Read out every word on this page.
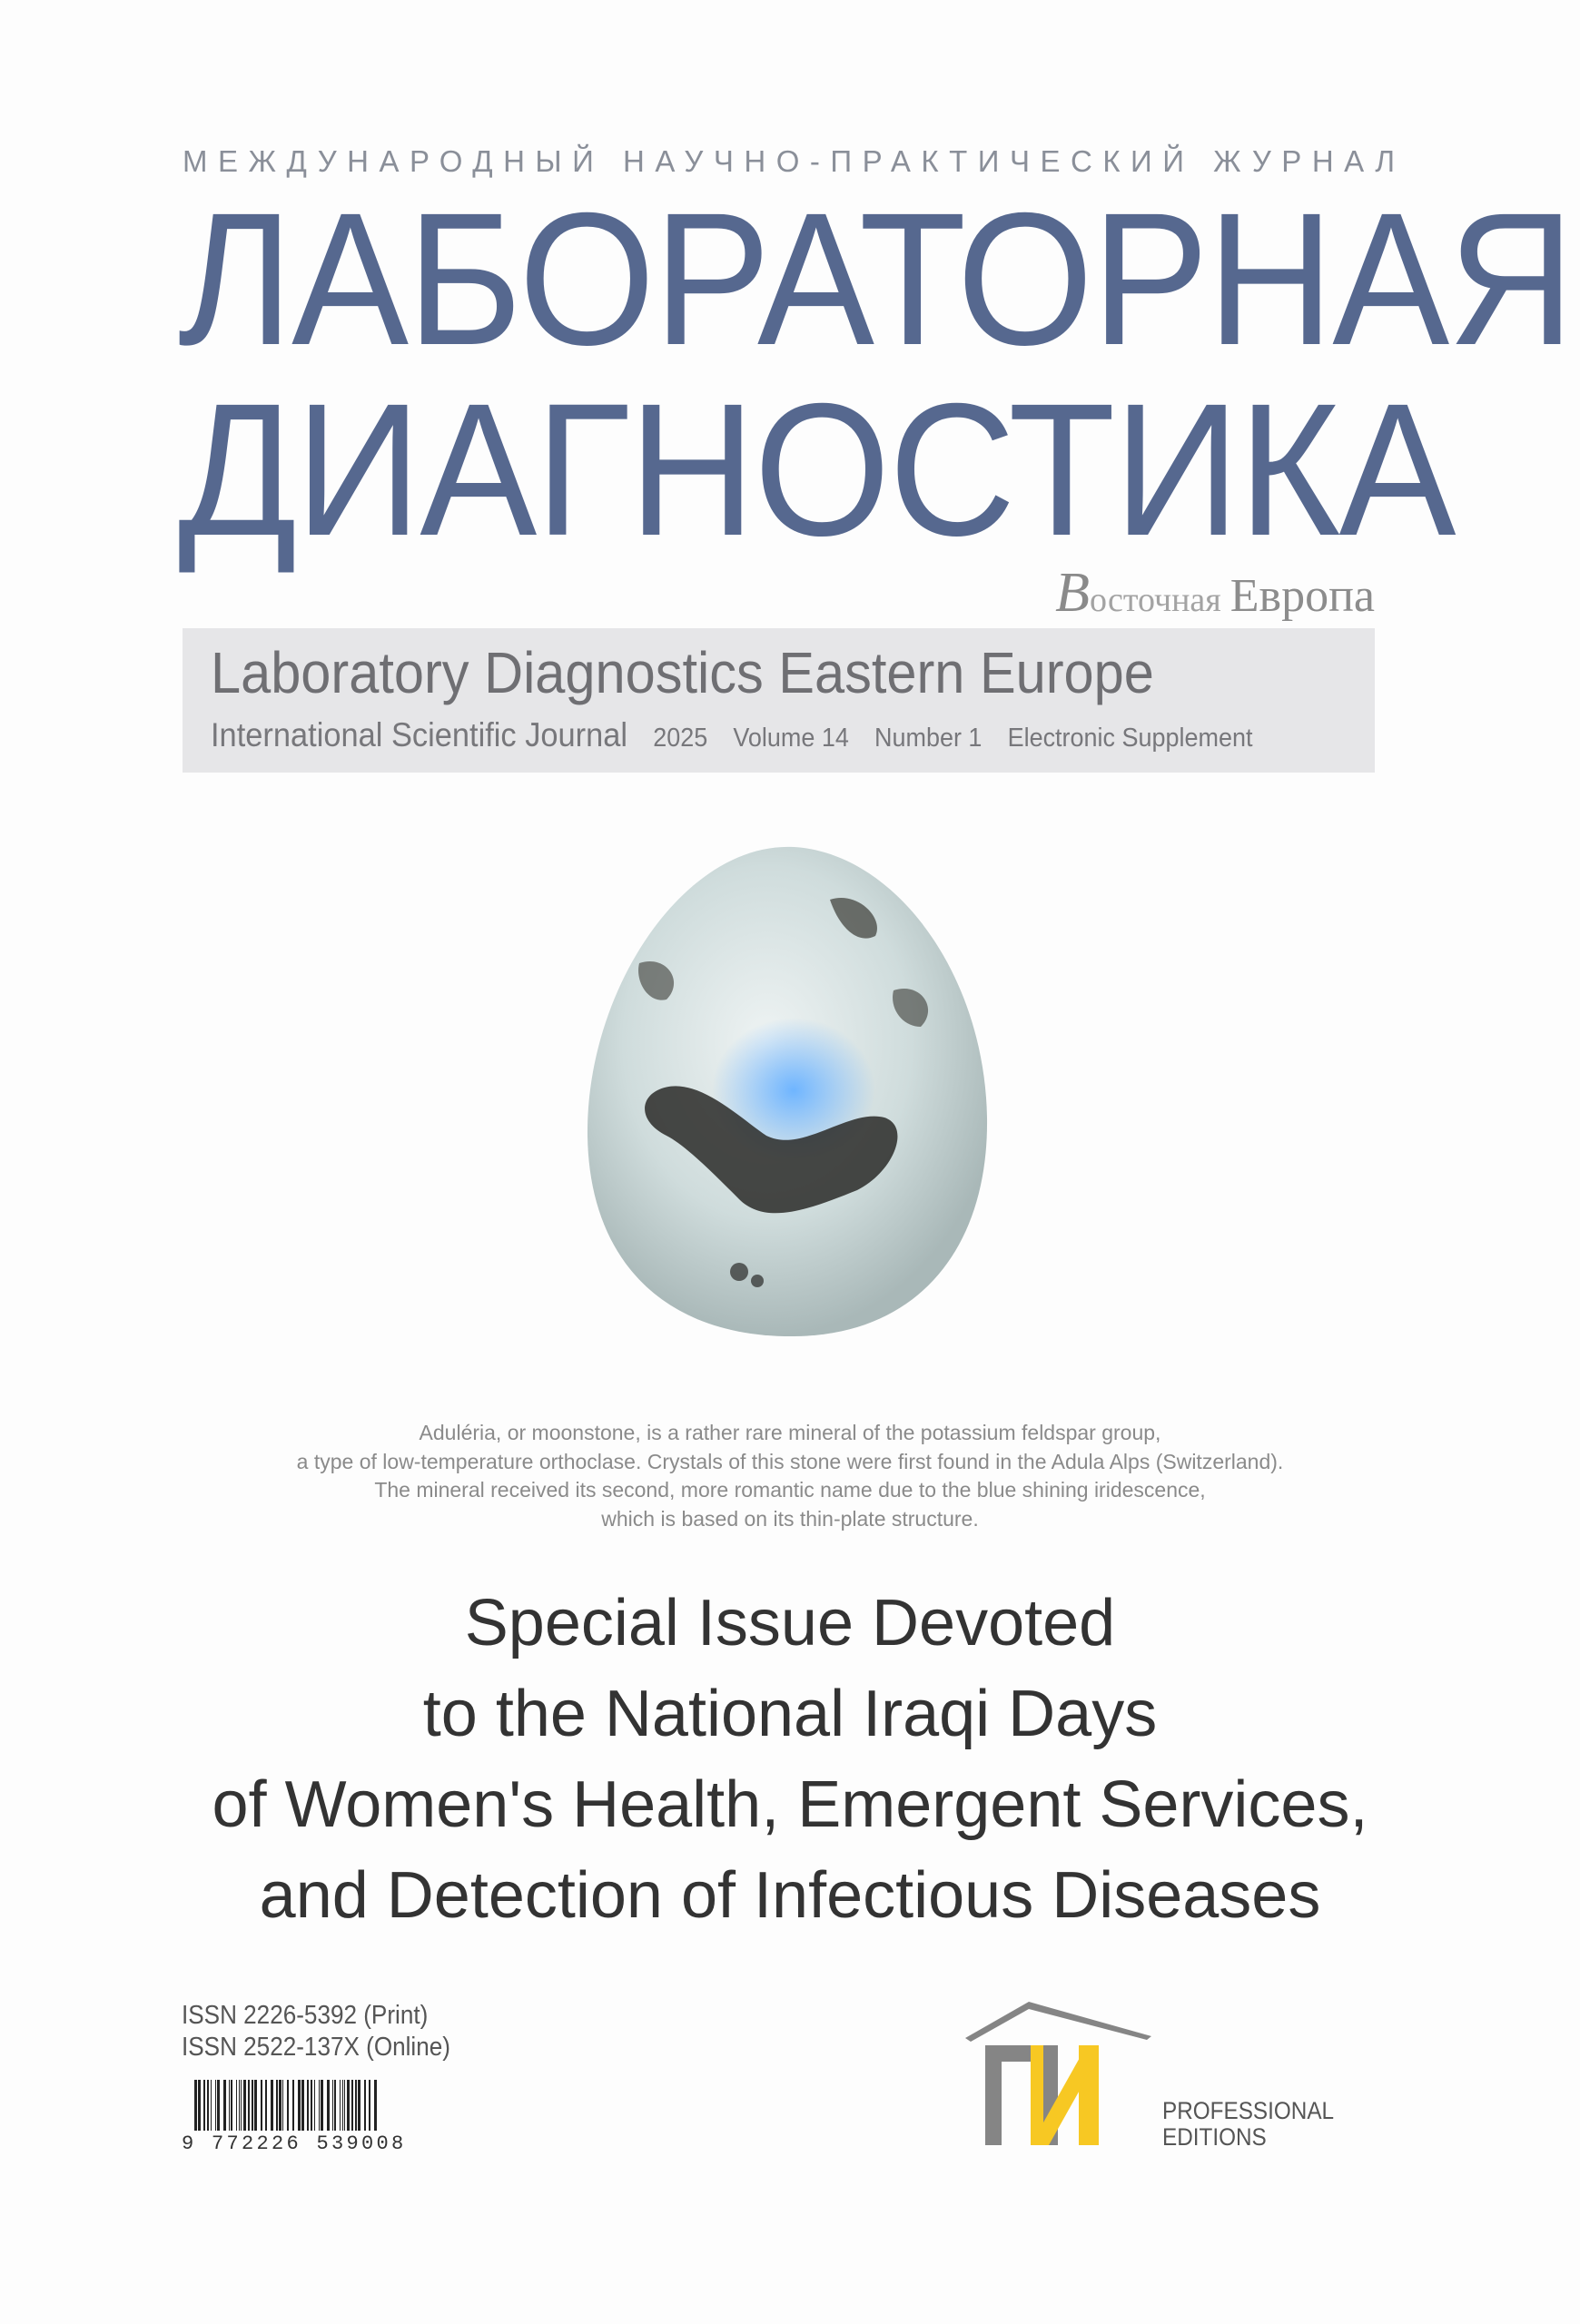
МЕЖДУНАРОДНЫЙ НАУЧНО-ПРАКТИЧЕСКИЙ ЖУРНАЛ
ЛАБОРАТОРНАЯ
ДИАГНОСТИКА
В осточная Европа
Laboratory Diagnostics Eastern Europe
International Scientific Journal 2025 Volume 14 Number 1 Electronic Supplement
Aduléria, or moonstone, is a rather rare mineral of the potassium feldspar group,
a type of low-temperature orthoclase. Crystals of this stone were first found in the Adula Alps (Switzerland).
The mineral received its second, more romantic name due to the blue shining iridescence,
which is based on its thin-plate structure.
Special Issue Devoted
to the National Iraqi Days
of Women's Health, Emergent Services,
and Detection of Infectious Diseases
ISSN 2226-5392 (Print)
ISSN 2522-137X (Online)
9 772226 539008
PROFESSIONAL
EDITIONS
